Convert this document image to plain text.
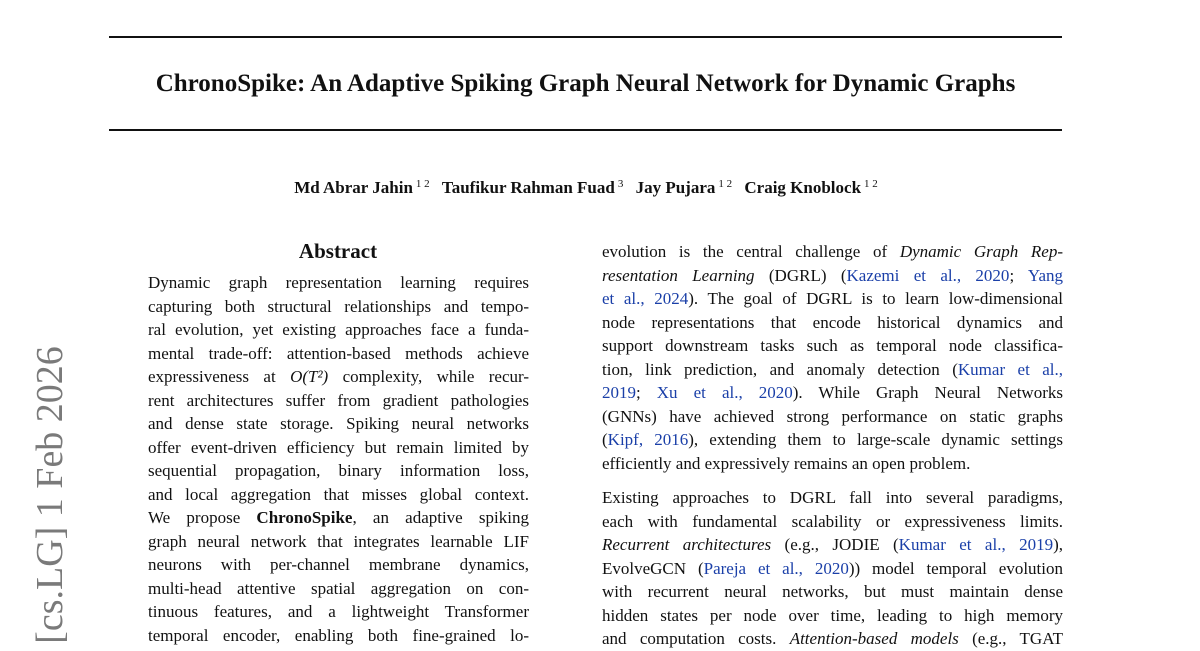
ChronoSpike: An Adaptive Spiking Graph Neural Network for Dynamic Graphs
Md Abrar Jahin $^{1 2}$ Taufikur Rahman Fuad $^3$ Jay Pujara $^{1 2}$ Craig Knoblock $^{1 2}$
[cs.LG] 1 Feb 2026
Abstract
Dynamic graph representation learning requires
capturing both structural relationships and tempo-
ral evolution, yet existing approaches face a funda-
mental trade-off: attention-based methods achieve
expressiveness at O(T²) complexity, while recur-
rent architectures suffer from gradient pathologies
and dense state storage. Spiking neural networks
offer event-driven efficiency but remain limited by
sequential propagation, binary information loss,
and local aggregation that misses global context.
We propose ChronoSpike, an adaptive spiking
graph neural network that integrates learnable LIF
neurons with per-channel membrane dynamics,
multi-head attentive spatial aggregation on con-
tinuous features, and a lightweight Transformer
temporal encoder, enabling both fine-grained lo-
evolution is the central challenge of Dynamic Graph Rep-
resentation Learning (DGRL) (Kazemi et al., 2020; Yang
et al., 2024). The goal of DGRL is to learn low-dimensional
node representations that encode historical dynamics and
support downstream tasks such as temporal node classifica-
tion, link prediction, and anomaly detection (Kumar et al.,
2019; Xu et al., 2020). While Graph Neural Networks
(GNNs) have achieved strong performance on static graphs
(Kipf, 2016), extending them to large-scale dynamic settings
efficiently and expressively remains an open problem.
Existing approaches to DGRL fall into several paradigms,
each with fundamental scalability or expressiveness limits.
Recurrent architectures (e.g., JODIE (Kumar et al., 2019),
EvolveGCN (Pareja et al., 2020)) model temporal evolution
with recurrent neural networks, but must maintain dense
hidden states per node over time, leading to high memory
and computation costs. Attention-based models (e.g., TGAT
